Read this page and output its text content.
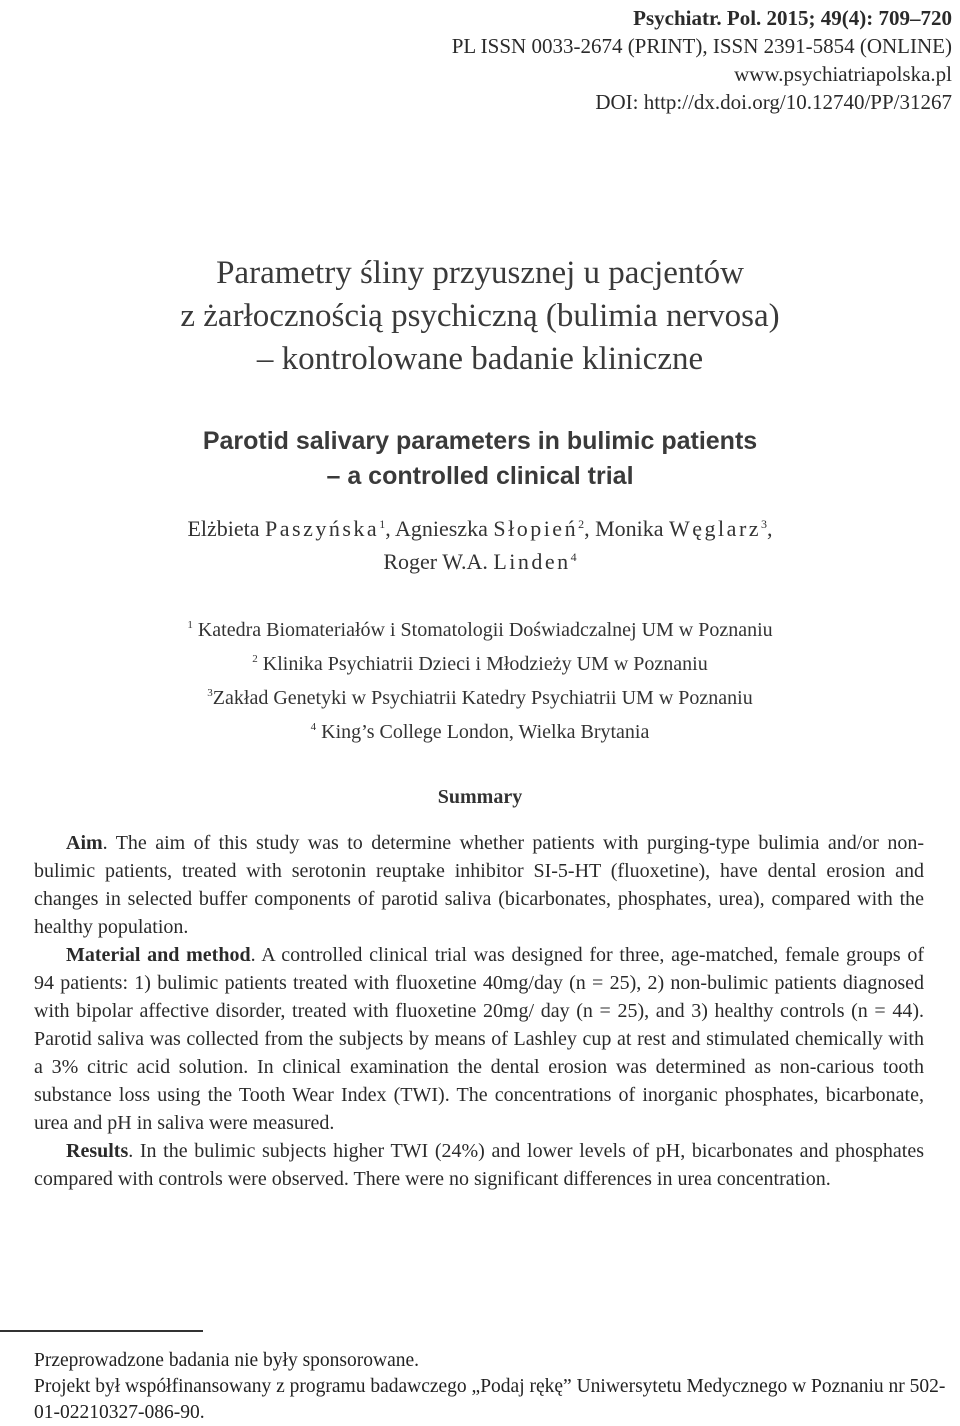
Psychiatr. Pol. 2015; 49(4): 709–720
PL ISSN 0033-2674 (PRINT), ISSN 2391-5854 (ONLINE)
www.psychiatriapolska.pl
DOI: http://dx.doi.org/10.12740/PP/31267
Parametry śliny przyusznej u pacjentów
z żarłocznością psychiczną (bulimia nervosa)
– kontrolowane badanie kliniczne
Parotid salivary parameters in bulimic patients
– a controlled clinical trial
Elżbieta Paszyńska$^1$, Agnieszka Słopień$^2$, Monika Węglarz$^3$,
Roger W.A. Linden$^4$
$^1$ Katedra Biomateriałów i Stomatologii Doświadczalnej UM w Poznaniu
$^2$ Klinika Psychiatrii Dzieci i Młodzieży UM w Poznaniu
$^3$Zakład Genetyki w Psychiatrii Katedry Psychiatrii UM w Poznaniu
$^4$ King’s College London, Wielka Brytania
Summary

Aim. The aim of this study was to determine whether patients with purging-type bulimia and/or non-bulimic patients, treated with serotonin reuptake inhibitor SI-5-HT (fluoxetine), have dental erosion and changes in selected buffer components of parotid saliva (bicarbonates, phosphates, urea), compared with the healthy population.

Material and method. A controlled clinical trial was designed for three, age-matched, female groups of 94 patients: 1) bulimic patients treated with fluoxetine 40mg/day (n = 25), 2) non-bulimic patients diagnosed with bipolar affective disorder, treated with fluoxetine 20mg/ day (n = 25), and 3) healthy controls (n = 44). Parotid saliva was collected from the subjects by means of Lashley cup at rest and stimulated chemically with a 3% citric acid solution. In clinical examination the dental erosion was determined as non-carious tooth substance loss using the Tooth Wear Index (TWI). The concentrations of inorganic phosphates, bicarbonate, urea and pH in saliva were measured.

Results. In the bulimic subjects higher TWI (24%) and lower levels of pH, bicarbonates and phosphates compared with controls were observed. There were no significant differences in urea concentration.

Przeprowadzone badania nie były sponsorowane.

Projekt był współfinansowany z programu badawczego „Podaj rękę” Uniwersytetu Medycznego w Poznaniu nr 502-01-02210327-086-90.
